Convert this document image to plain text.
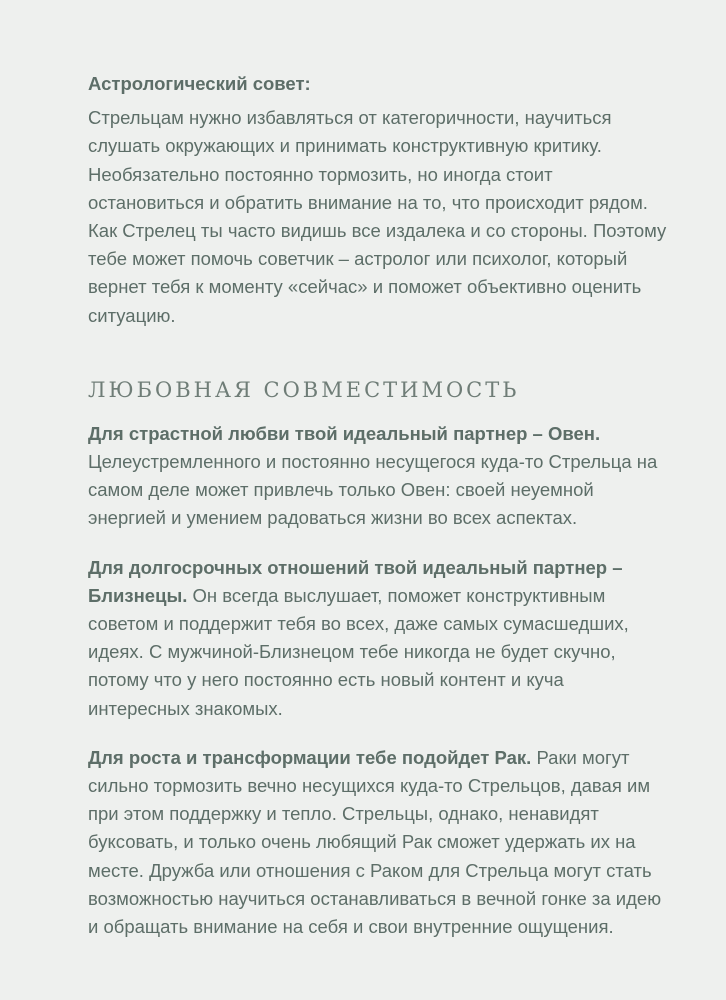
Астрологический совет:

Стрельцам нужно избавляться от категоричности, научиться слушать окружающих и принимать конструктивную критику. Необязательно постоянно тормозить, но иногда стоит остановиться и обратить внимание на то, что происходит рядом. Как Стрелец ты часто видишь все издалека и со стороны. Поэтому тебе может помочь советчик – астролог или психолог, который вернет тебя к моменту «сейчас» и поможет объективно оценить ситуацию.

ЛЮБОВНАЯ СОВМЕСТИМОСТЬ

Для страстной любви твой идеальный партнер – Овен. Целеустремленного и постоянно несущегося куда-то Стрельца на самом деле может привлечь только Овен: своей неуемной энергией и умением радоваться жизни во всех аспектах.

Для долгосрочных отношений твой идеальный партнер – Близнецы. Он всегда выслушает, поможет конструктивным советом и поддержит тебя во всех, даже самых сумасшедших, идеях. С мужчиной-Близнецом тебе никогда не будет скучно, потому что у него постоянно есть новый контент и куча интересных знакомых.

Для роста и трансформации тебе подойдет Рак. Раки могут сильно тормозить вечно несущихся куда-то Стрельцов, давая им при этом поддержку и тепло. Стрельцы, однако, ненавидят буксовать, и только очень любящий Рак сможет удержать их на месте. Дружба или отношения с Раком для Стрельца могут стать возможностью научиться останавливаться в вечной гонке за идею и обращать внимание на себя и свои внутренние ощущения.
